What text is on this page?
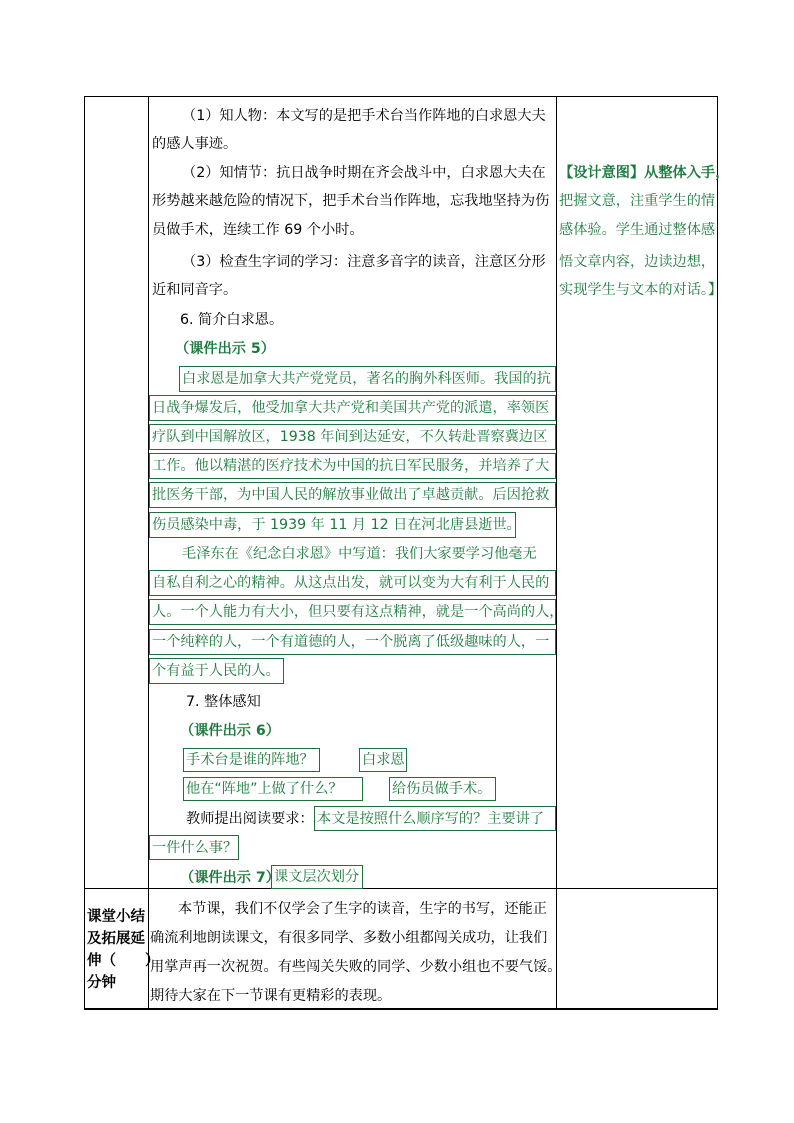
（1）知人物：本文写的是把手术台当作阵地的白求恩大夫
的感人事迹。
（2）知情节：抗日战争时期在齐会战斗中，白求恩大夫在
形势越来越危险的情况下，把手术台当作阵地，忘我地坚持为伤
员做手术，连续工作 69 个小时。
（3）检查生字词的学习：注意多音字的读音，注意区分形
近和同音字。
6. 简介白求恩。
（课件出示 5）
白求恩是加拿大共产党党员，著名的胸外科医师。我国的抗
日战争爆发后，他受加拿大共产党和美国共产党的派遣，率领医
疗队到中国解放区，1938 年间到达延安，不久转赴晋察冀边区
工作。他以精湛的医疗技术为中国的抗日军民服务，并培养了大
批医务干部，为中国人民的解放事业做出了卓越贡献。后因抢救
伤员感染中毒，于 1939 年 11 月 12 日在河北唐县逝世。
毛泽东在《纪念白求恩》中写道：我们大家要学习他毫无
自私自利之心的精神。从这点出发，就可以变为大有利于人民的
人。一个人能力有大小，但只要有这点精神，就是一个高尚的人，
一个纯粹的人，一个有道德的人，一个脱离了低级趣味的人，一
个有益于人民的人。
7. 整体感知
（课件出示 6）
手术台是谁的阵地？	白求恩
他在“阵地”上做了什么？	给伤员做手术。
教师提出阅读要求： 本文是按照什么顺序写的？主要讲了
一件什么事？
（课件出示 7）
课文层次划分
【设计意图】从整体入手，
把握文意，注重学生的情
感体验。学生通过整体感
悟文章内容，边读边想，
实现学生与文本的对话。】
课堂小结
及拓展延
伸（　　）
分钟
本节课，我们不仅学会了生字的读音，生字的书写，还能正
确流利地朗读课文，有很多同学、多数小组都闯关成功，让我们
用掌声再一次祝贺。有些闯关失败的同学、少数小组也不要气馁。
期待大家在下一节课有更精彩的表现。
